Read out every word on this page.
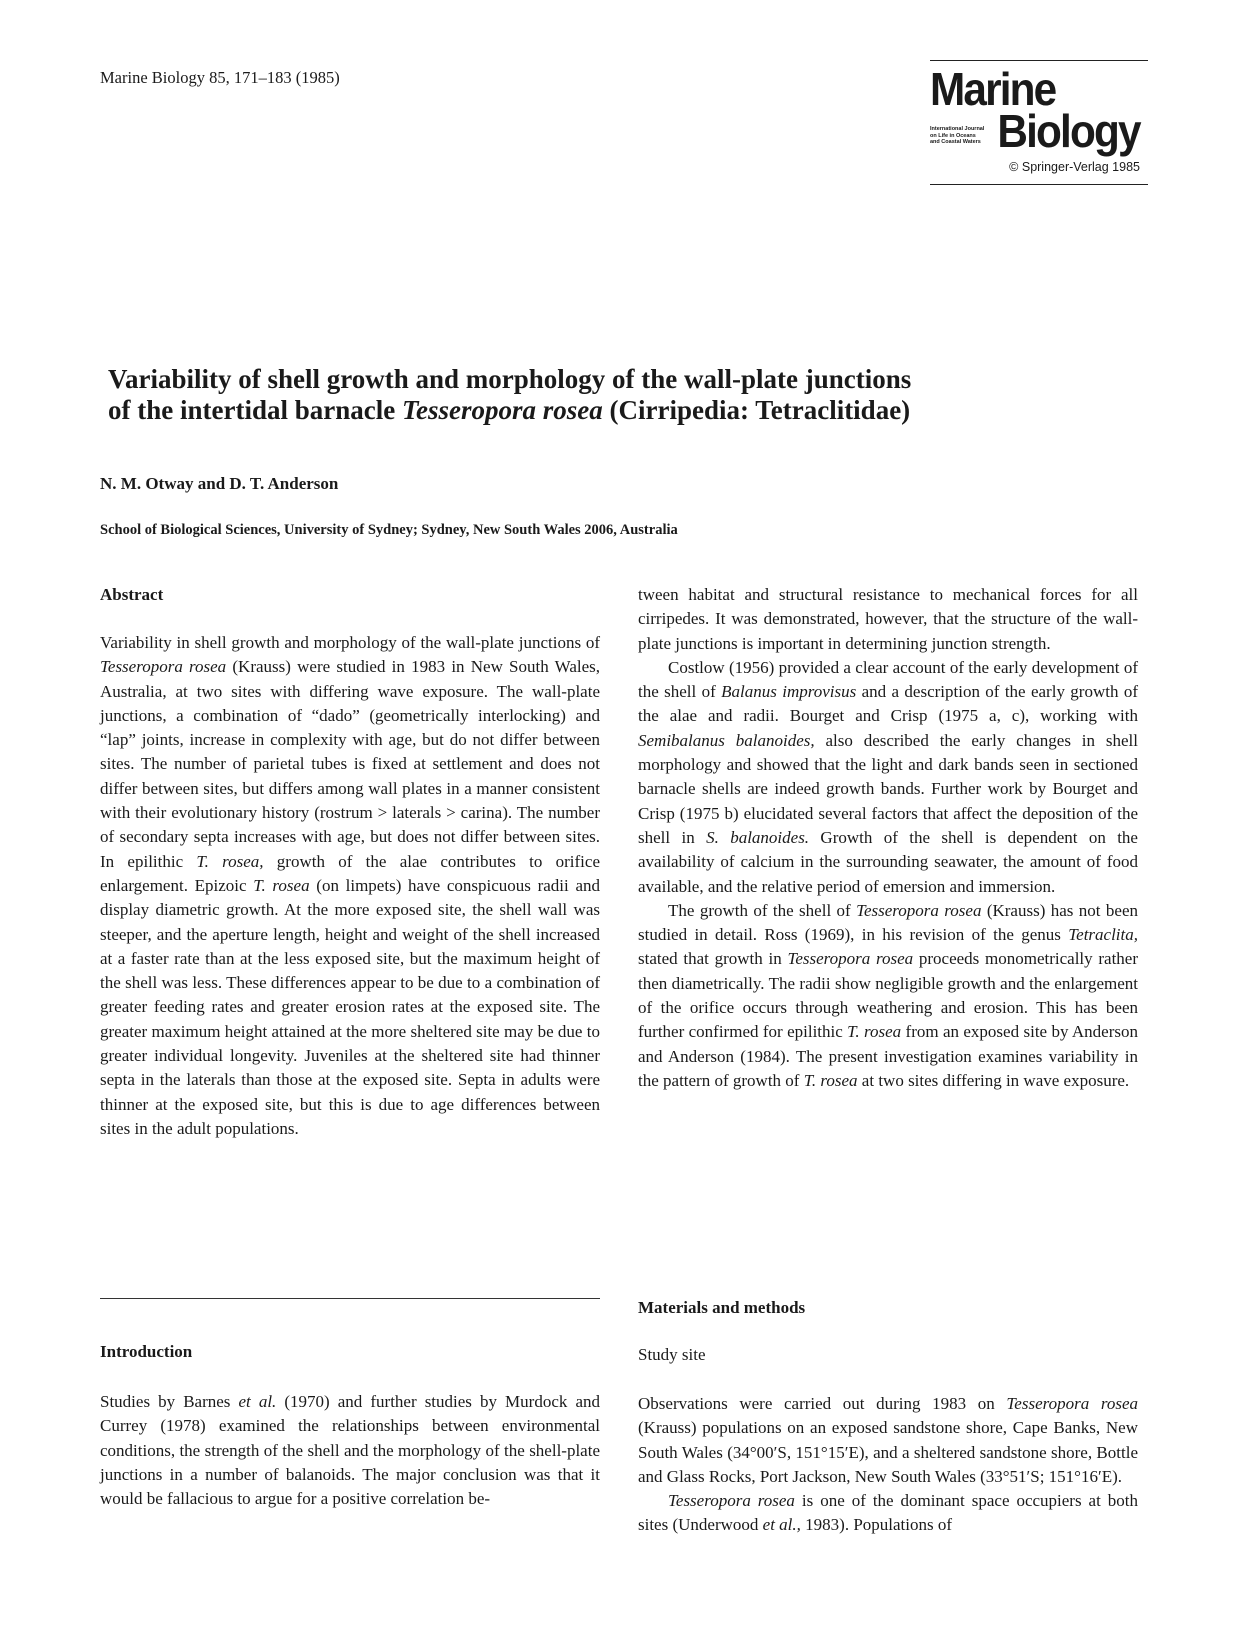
Marine Biology 85, 171–183 (1985)	Marine
International Journal
on Life in Oceans
and Coastal Waters Biology
© Springer-Verlag 1985
Variability of shell growth and morphology of the wall-plate junctions
of the intertidal barnacle Tesseropora rosea (Cirripedia: Tetraclitidae)
N. M. Otway and D. T. Anderson
School of Biological Sciences, University of Sydney; Sydney, New South Wales 2006, Australia
Abstract

Variability in shell growth and morphology of the wall-plate junctions of Tesseropora rosea (Krauss) were studied in 1983 in New South Wales, Australia, at two sites with differing wave exposure. The wall-plate junctions, a combination of “dado” (geometrically interlocking) and “lap” joints, increase in complexity with age, but do not differ between sites. The number of parietal tubes is fixed at settlement and does not differ between sites, but differs among wall plates in a manner consistent with their evolutionary history (rostrum > laterals > carina). The number of secondary septa increases with age, but does not differ between sites. In epilithic T. rosea, growth of the alae contributes to orifice enlargement. Epizoic T. rosea (on limpets) have conspicuous radii and display diametric growth. At the more exposed site, the shell wall was steeper, and the aperture length, height and weight of the shell increased at a faster rate than at the less exposed site, but the maximum height of the shell was less. These differences appear to be due to a combination of greater feeding rates and greater erosion rates at the exposed site. The greater maximum height attained at the more sheltered site may be due to greater individual longevity. Juveniles at the sheltered site had thinner septa in the laterals than those at the exposed site. Septa in adults were thinner at the exposed site, but this is due to age differences between sites in the adult populations.

Introduction

Studies by Barnes et al. (1970) and further studies by Murdock and Currey (1978) examined the relationships between environmental conditions, the strength of the shell and the morphology of the shell-plate junctions in a number of balanoids. The major conclusion was that it would be fallacious to argue for a positive correlation be-

tween habitat and structural resistance to mechanical forces for all cirripedes. It was demonstrated, however, that the structure of the wall-plate junctions is important in determining junction strength.

Costlow (1956) provided a clear account of the early development of the shell of Balanus improvisus and a description of the early growth of the alae and radii. Bourget and Crisp (1975 a, c), working with Semibalanus balanoides, also described the early changes in shell morphology and showed that the light and dark bands seen in sectioned barnacle shells are indeed growth bands. Further work by Bourget and Crisp (1975 b) elucidated several factors that affect the deposition of the shell in S. balanoides. Growth of the shell is dependent on the availability of calcium in the surrounding seawater, the amount of food available, and the relative period of emersion and immersion.

The growth of the shell of Tesseropora rosea (Krauss) has not been studied in detail. Ross (1969), in his revision of the genus Tetraclita, stated that growth in Tesseropora rosea proceeds monometrically rather then diametrically. The radii show negligible growth and the enlargement of the orifice occurs through weathering and erosion. This has been further confirmed for epilithic T. rosea from an exposed site by Anderson and Anderson (1984). The present investigation examines variability in the pattern of growth of T. rosea at two sites differing in wave exposure.

Materials and methods
Study site

Observations were carried out during 1983 on Tesseropora rosea (Krauss) populations on an exposed sandstone shore, Cape Banks, New South Wales (34°00′S, 151°15′E), and a sheltered sandstone shore, Bottle and Glass Rocks, Port Jackson, New South Wales (33°51′S; 151°16′E).

Tesseropora rosea is one of the dominant space occupiers at both sites (Underwood et al., 1983). Populations of
